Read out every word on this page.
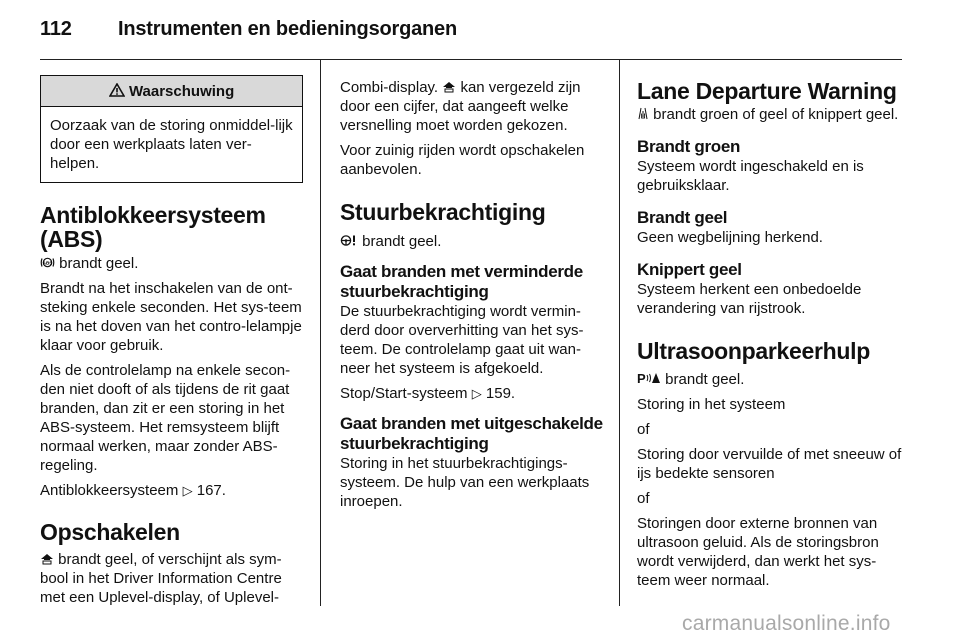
112 Instrumenten en bedieningsorganen
Waarschuwing
Oorzaak van de storing onmiddel-lijk door een werkplaats laten ver-helpen.
Antiblokkeersysteem (ABS)

ABS brandt geel.

Brandt na het inschakelen van de ont-steking enkele seconden. Het sys-teem is na het doven van het contro-lelampje klaar voor gebruik.

Als de controlelamp na enkele secon-den niet dooft of als tijdens de rit gaat branden, dan zit er een storing in het ABS-systeem. Het remsysteem blijft normaal werken, maar zonder ABS-regeling.

Antiblokkeersysteem ▷ 167.

Opschakelen

brandt geel, of verschijnt als sym-bool in het Driver Information Centre met een Uplevel-display, of Uplevel-

Combi-display. kan vergezeld zijn door een cijfer, dat aangeeft welke versnelling moet worden gekozen.

Voor zuinig rijden wordt opschakelen aanbevolen.

Stuurbekrachtiging

brandt geel.

Gaat branden met verminderde stuurbekrachtiging

De stuurbekrachtiging wordt vermin-derd door oververhitting van het sys-teem. De controlelamp gaat uit wan-neer het systeem is afgekoeld.

Stop/Start-systeem ▷ 159.

Gaat branden met uitgeschakelde stuurbekrachtiging

Storing in het stuurbekrachtigings-systeem. De hulp van een werkplaats inroepen.

Lane Departure Warning

brandt groen of geel of knippert geel.

Brandt groen

Systeem wordt ingeschakeld en is gebruiksklaar.

Brandt geel

Geen wegbelijning herkend.

Knippert geel

Systeem herkent een onbedoelde verandering van rijstrook.

Ultrasoonparkeerhulp

P brandt geel.

Storing in het systeem

of

Storing door vervuilde of met sneeuw of ijs bedekte sensoren

of

Storingen door externe bronnen van ultrasoon geluid. Als de storingsbron wordt verwijderd, dan werkt het sys-teem weer normaal.

carmanualsonline.info
